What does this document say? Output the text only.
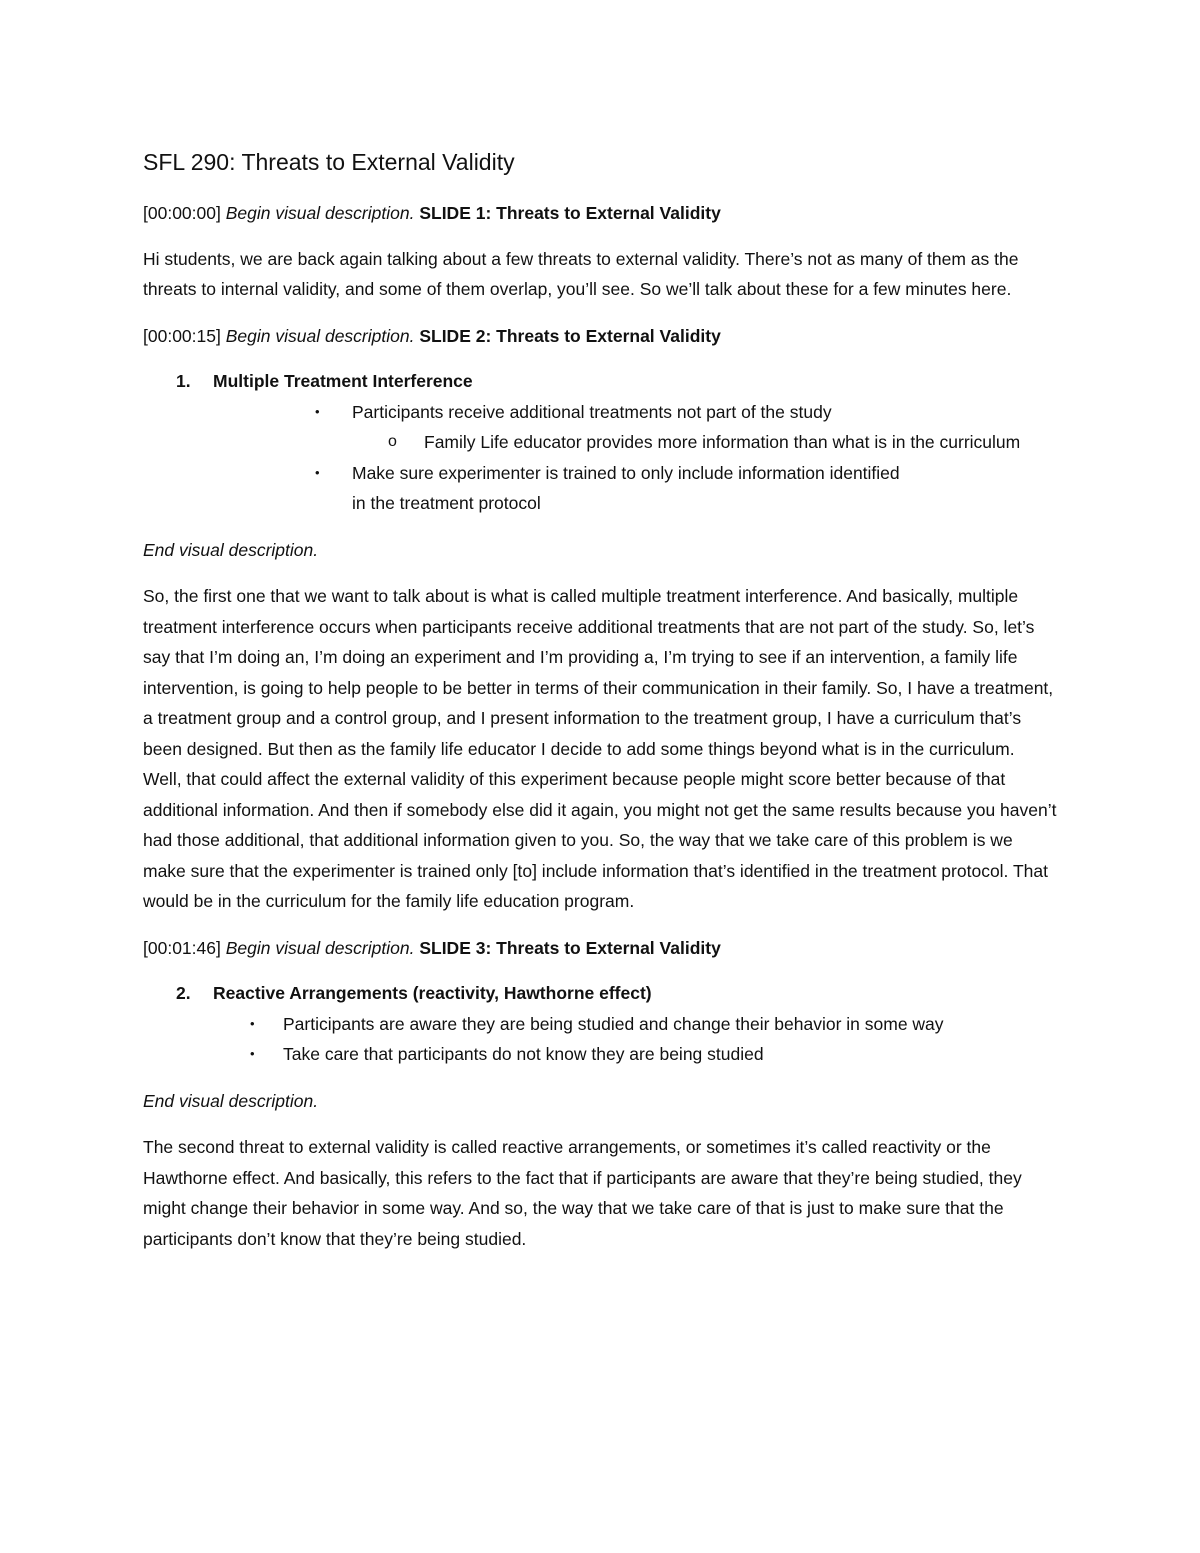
SFL 290: Threats to External Validity

[00:00:00] Begin visual description. SLIDE 1: Threats to External Validity

Hi students, we are back again talking about a few threats to external validity. There’s not as many of them as the threats to internal validity, and some of them overlap, you’ll see. So we’ll talk about these for a few minutes here.

[00:00:15] Begin visual description. SLIDE 2: Threats to External Validity

1.	Multiple Treatment Interference
•	Participants receive additional treatments not part of the study
o	Family Life educator provides more information than what is in the curriculum
•	Make sure experimenter is trained to only include information identified in the treatment protocol

End visual description.

So, the first one that we want to talk about is what is called multiple treatment interference. And basically, multiple treatment interference occurs when participants receive additional treatments that are not part of the study. So, let’s say that I’m doing an, I’m doing an experiment and I’m providing a, I’m trying to see if an intervention, a family life intervention, is going to help people to be better in terms of their communication in their family. So, I have a treatment, a treatment group and a control group, and I present information to the treatment group, I have a curriculum that’s been designed. But then as the family life educator I decide to add some things beyond what is in the curriculum. Well, that could affect the external validity of this experiment because people might score better because of that additional information. And then if somebody else did it again, you might not get the same results because you haven’t had those additional, that additional information given to you. So, the way that we take care of this problem is we make sure that the experimenter is trained only [to] include information that’s identified in the treatment protocol. That would be in the curriculum for the family life education program.

[00:01:46] Begin visual description. SLIDE 3: Threats to External Validity

2.	Reactive Arrangements (reactivity, Hawthorne effect)
•	Participants are aware they are being studied and change their behavior in some way
•	Take care that participants do not know they are being studied

End visual description.

The second threat to external validity is called reactive arrangements, or sometimes it’s called reactivity or the Hawthorne effect. And basically, this refers to the fact that if participants are aware that they’re being studied, they might change their behavior in some way. And so, the way that we take care of that is just to make sure that the participants don’t know that they’re being studied.
